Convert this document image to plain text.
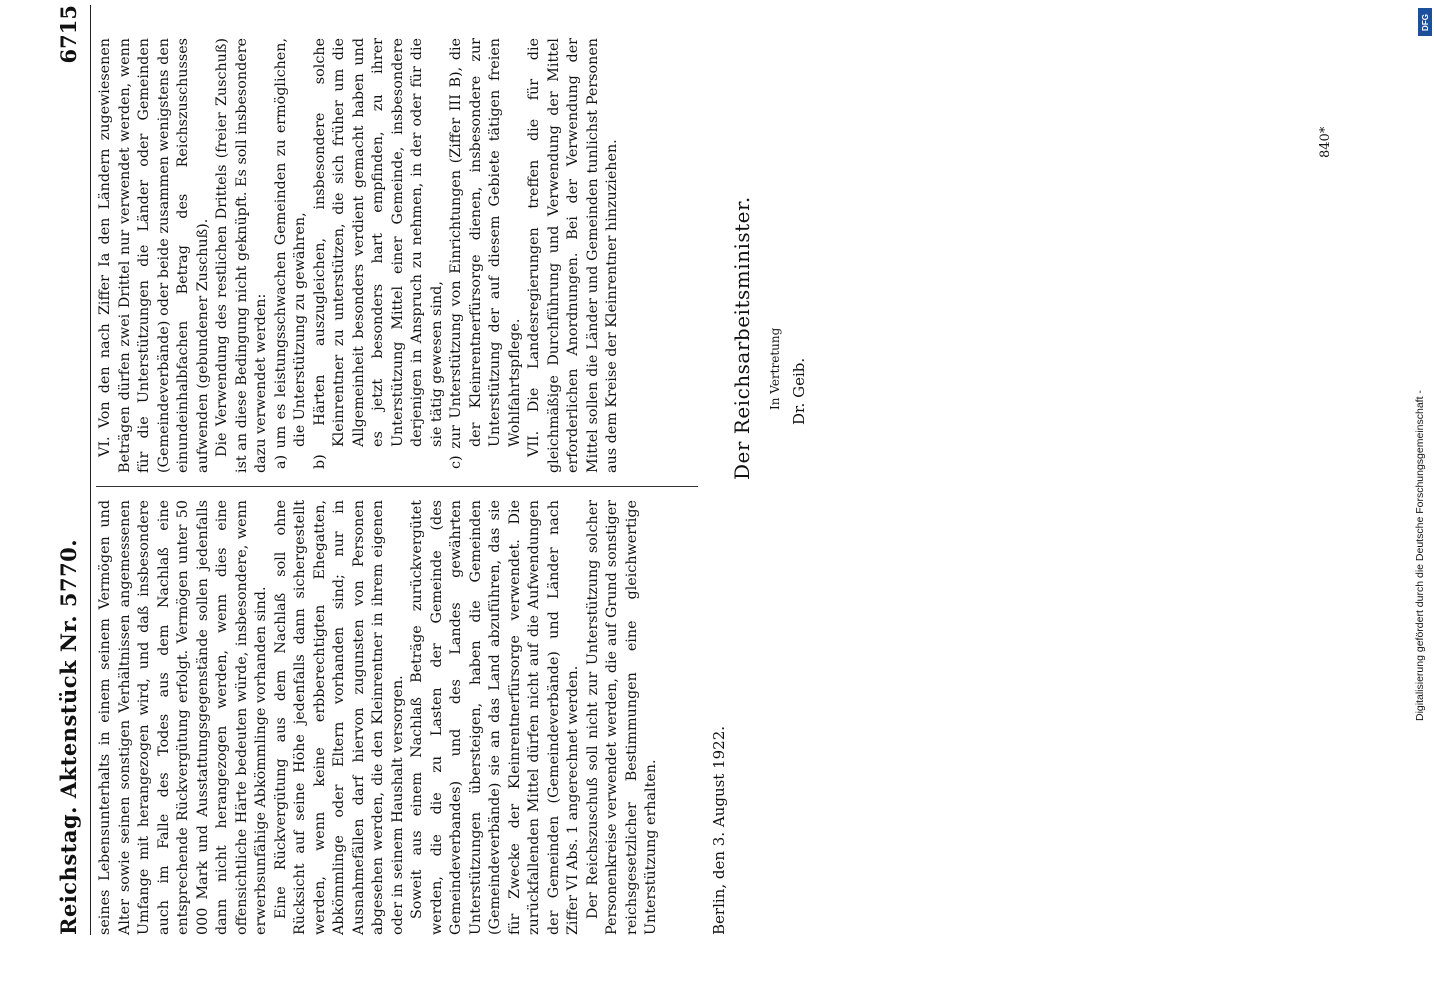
Reichstag. Aktenstück Nr. 5770.
6715

seines Lebensunterhalts in einem seinem Vermögen und Alter sowie seinen sonstigen Verhältnissen angemessenen Umfange mit herangezogen wird, und daß insbesondere auch im Falle des Todes aus dem Nachlaß eine entsprechende Rückvergütung erfolgt. Vermögen unter 50 000 Mark und Ausstattungsgegenstände sollen jedenfalls dann nicht herangezogen werden, wenn dies eine offensichtliche Härte bedeuten würde, insbesondere, wenn erwerbsunfähige Abkömmlinge vorhanden sind. Eine Rückvergütung aus dem Nachlaß soll ohne Rücksicht auf seine Höhe jedenfalls dann sichergestellt werden, wenn keine erbberechtigten Ehegatten, Abkömmlinge oder Eltern vorhanden sind; nur in Ausnahmefällen darf hiervon zugunsten von Personen abgesehen werden, die den Kleinrentner in ihrem eigenen oder in seinem Haushalt versorgen. Soweit aus einem Nachlaß Beträge zurückvergütet werden, die die zu Lasten der Gemeinde (des Gemeindeverbandes) und des Landes gewährten Unterstützungen übersteigen, haben die Gemeinden (Gemeindeverbände) sie an das Land abzuführen, das sie für Zwecke der Kleinrentnerfürsorge verwendet. Die zurückfallenden Mittel dürfen nicht auf die Aufwendungen der Gemeinden (Gemeindeverbände) und Länder nach Ziffer VI Abs. 1 angerechnet werden. Der Reichszuschuß soll nicht zur Unterstützung solcher Personenkreise verwendet werden, die auf Grund sonstiger reichsgesetzlicher Bestimmungen eine gleichwertige Unterstützung erhalten.

VI. Von den nach Ziffer Ia den Ländern zugewiesenen Beträgen dürfen zwei Drittel nur verwendet werden, wenn für die Unterstützungen die Länder oder Gemeinden (Gemeindeverbände) oder beide zusammen wenigstens den einundeinhalbfachen Betrag des Reichszuschusses aufwenden (gebundener Zuschuß). Die Verwendung des restlichen Drittels (freier Zuschuß) ist an diese Bedingung nicht geknüpft. Es soll insbesondere dazu verwendet werden: a) um es leistungsschwachen Gemeinden zu ermöglichen, die Unterstützung zu gewähren,
b) Härten auszugleichen, insbesondere solche Kleinrentner zu unterstützen, die sich früher um die Allgemeinheit besonders verdient gemacht haben und es jetzt besonders hart empfinden, zu ihrer Unterstützung Mittel einer Gemeinde, insbesondere derjenigen in Anspruch zu nehmen, in der oder für die sie tätig gewesen sind,
c) zur Unterstützung von Einrichtungen (Ziffer III B), die der Kleinrentnerfürsorge dienen, insbesondere zur Unterstützung der auf diesem Gebiete tätigen freien Wohlfahrtspflege. VII. Die Landesregierungen treffen die für die gleichmäßige Durchführung und Verwendung der Mittel erforderlichen Anordnungen. Bei der Verwendung der Mittel sollen die Länder und Gemeinden tunlichst Personen aus dem Kreise der Kleinrentner hinzuziehen.

Berlin, den 3. August 1922.
Der Reichsarbeitsminister. In Vertretung Dr. Geib.
840*
DFG
Digitalisierung gefördert durch die Deutsche Forschungsgemeinschaft -
